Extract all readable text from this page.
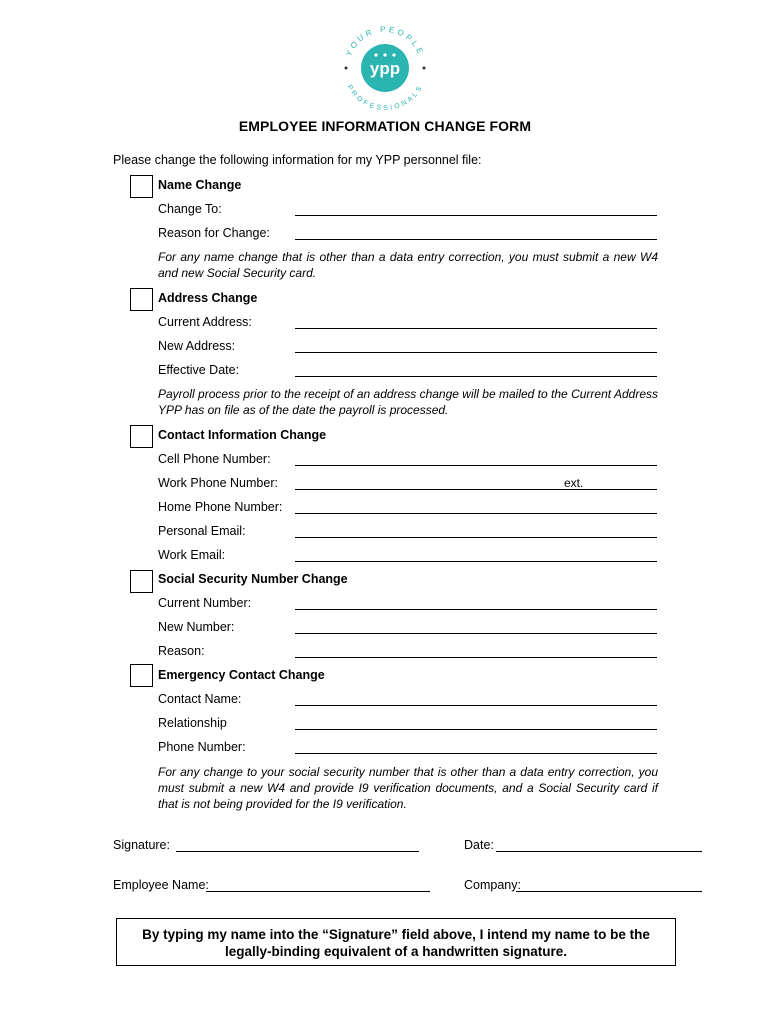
ypp
YOUR PEOPLE
PROFESSIONALS
EMPLOYEE INFORMATION CHANGE FORM
Please change the following information for my YPP personnel file:
Name Change
Change To:
Reason for Change:
For any name change that is other than a data entry correction, you must submit a new W4 and new Social Security card.
Address Change
Current Address:
New Address:
Effective Date:
Payroll process prior to the receipt of an address change will be mailed to the Current Address YPP has on file as of the date the payroll is processed.
Contact Information Change
Cell Phone Number:
Work Phone Number:	ext.
Home Phone Number:
Personal Email:
Work Email:
Social Security Number Change
Current Number:
New Number:
Reason:
Emergency Contact Change
Contact Name:
Relationship
Phone Number:
For any change to your social security number that is other than a data entry correction, you must submit a new W4 and provide I9 verification documents, and a Social Security card if that is not being provided for the I9 verification.
Signature:	Date:
Employee Name:	Company:
By typing my name into the “Signature” field above, I intend my name to be the legally-binding equivalent of a handwritten signature.
